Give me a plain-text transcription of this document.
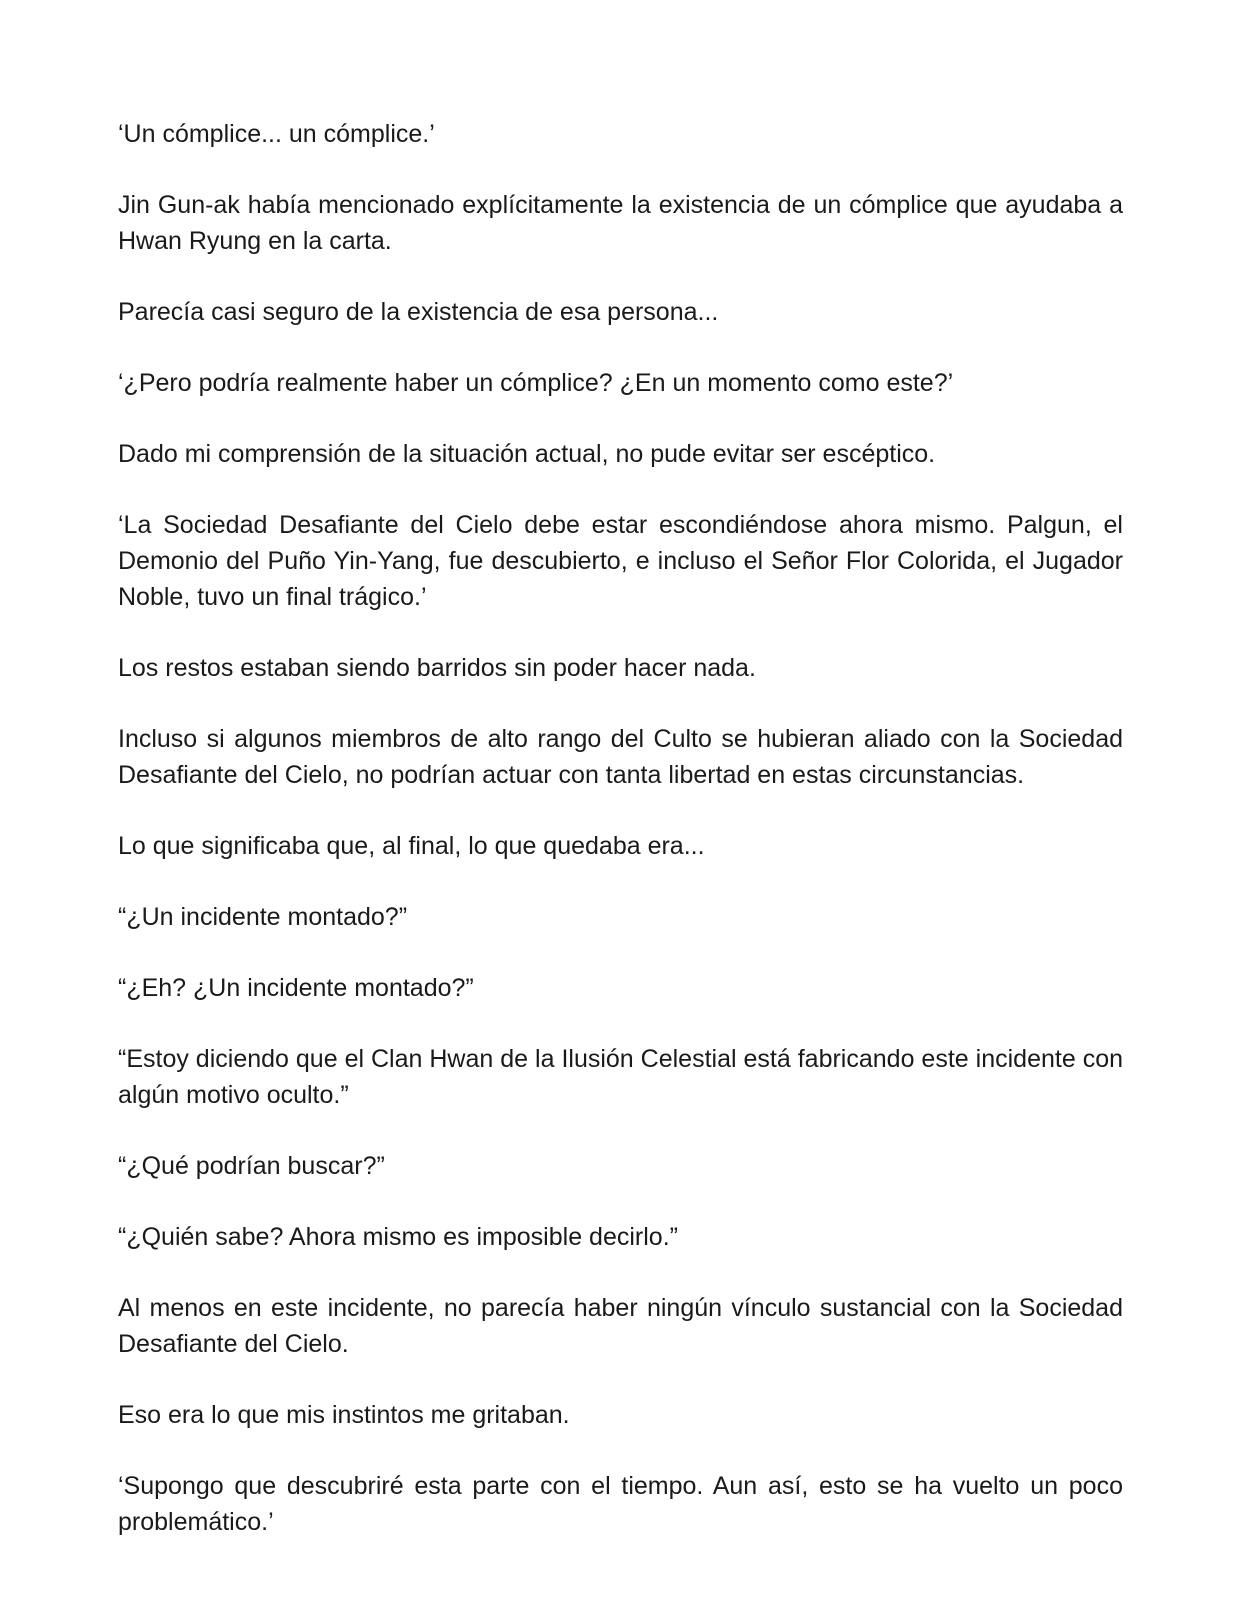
‘Un cómplice... un cómplice.’

Jin Gun-ak había mencionado explícitamente la existencia de un cómplice que ayudaba a Hwan Ryung en la carta.

Parecía casi seguro de la existencia de esa persona...

‘¿Pero podría realmente haber un cómplice? ¿En un momento como este?’

Dado mi comprensión de la situación actual, no pude evitar ser escéptico.

‘La Sociedad Desafiante del Cielo debe estar escondiéndose ahora mismo. Palgun, el Demonio del Puño Yin-Yang, fue descubierto, e incluso el Señor Flor Colorida, el Jugador Noble, tuvo un final trágico.’

Los restos estaban siendo barridos sin poder hacer nada.

Incluso si algunos miembros de alto rango del Culto se hubieran aliado con la Sociedad Desafiante del Cielo, no podrían actuar con tanta libertad en estas circunstancias.

Lo que significaba que, al final, lo que quedaba era...

“¿Un incidente montado?”

“¿Eh? ¿Un incidente montado?”

“Estoy diciendo que el Clan Hwan de la Ilusión Celestial está fabricando este incidente con algún motivo oculto.”

“¿Qué podrían buscar?”

“¿Quién sabe? Ahora mismo es imposible decirlo.”

Al menos en este incidente, no parecía haber ningún vínculo sustancial con la Sociedad Desafiante del Cielo.

Eso era lo que mis instintos me gritaban.

‘Supongo que descubriré esta parte con el tiempo. Aun así, esto se ha vuelto un poco problemático.’
